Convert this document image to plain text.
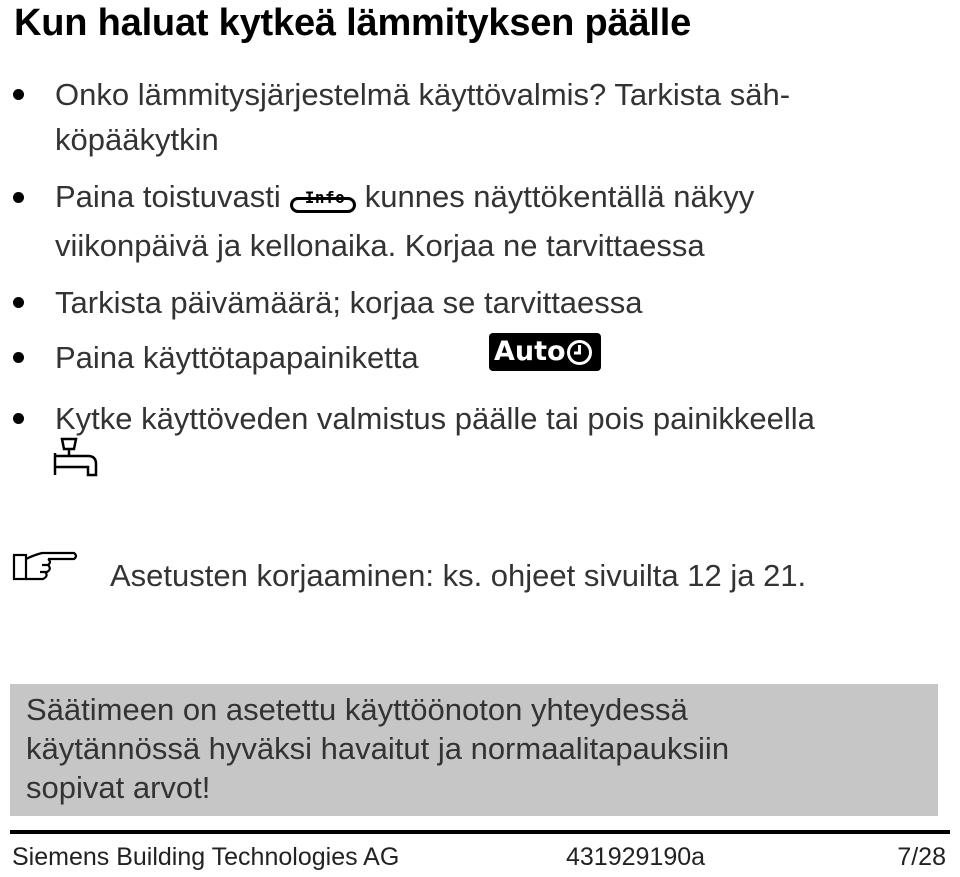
Kun haluat kytkeä lämmityksen päälle
Onko lämmitysjärjestelmä käyttövalmis? Tarkista säh-
köpääkytkin
Paina toistuvasti Info kunnes näyttökentällä näkyy
viikonpäivä ja kellonaika. Korjaa ne tarvittaessa
Tarkista päivämäärä; korjaa se tarvittaessa
Paina käyttötapapainiketta	Auto
Kytke käyttöveden valmistus päälle tai pois painikkeella
Asetusten korjaaminen: ks. ohjeet sivuilta 12 ja 21.
Säätimeen on asetettu käyttöönoton yhteydessä
käytännössä hyväksi havaitut ja normaalitapauksiin
sopivat arvot!
Siemens Building Technologies AG	431929190a	7/28
